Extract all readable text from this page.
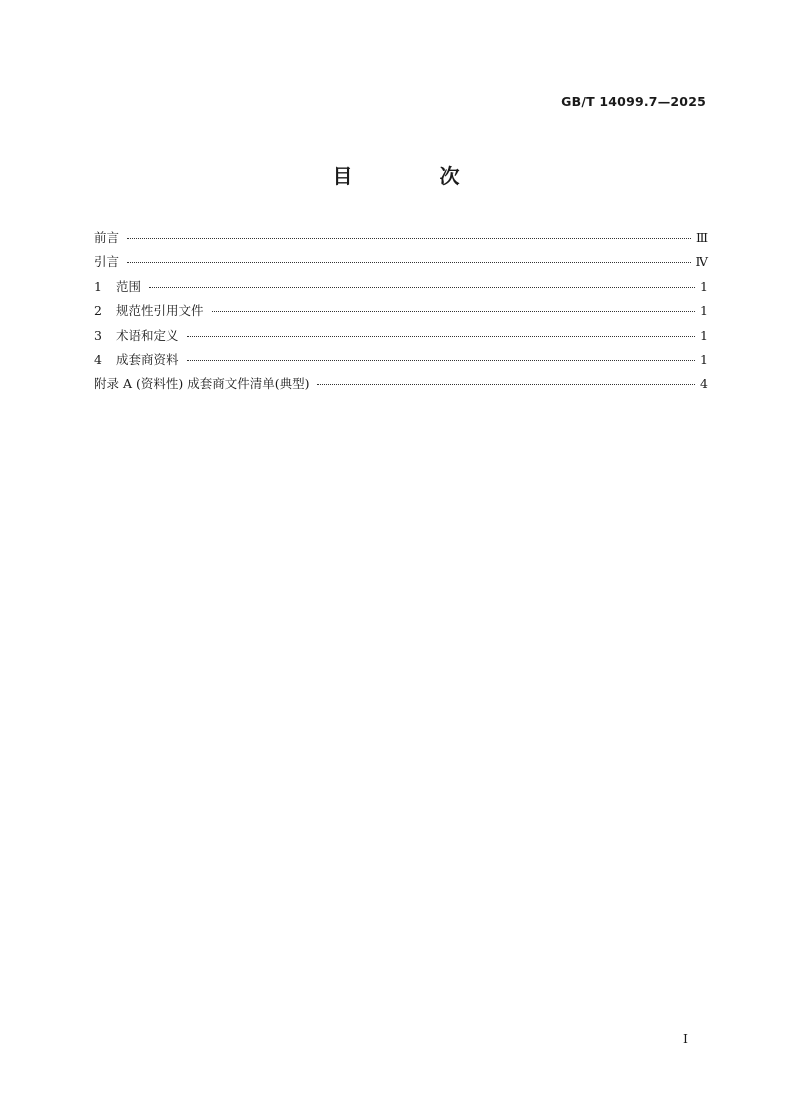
GB/T 14099.7—2025
目 次
前言	Ⅲ
引言	Ⅳ
1	范围	1
2	规范性引用文件	1
3	术语和定义	1
4	成套商资料	1
附录 A (资料性) 成套商文件清单(典型)	4
Ⅰ
